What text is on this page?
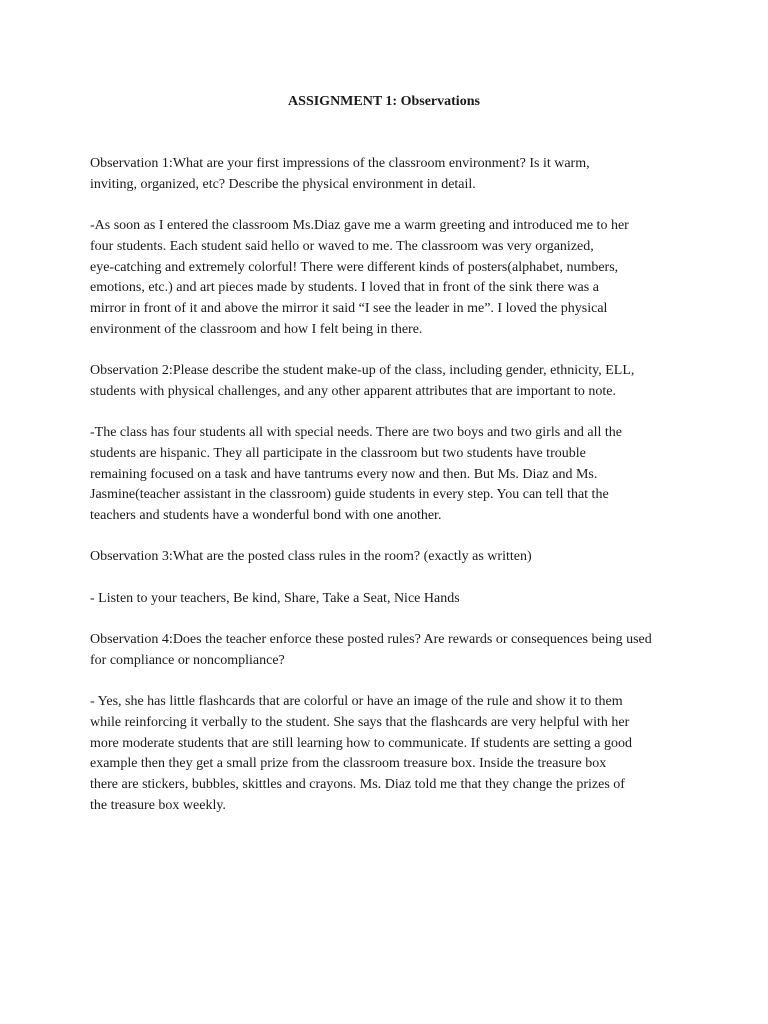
ASSIGNMENT 1: Observations

Observation 1:What are your first impressions of the classroom environment? Is it warm,
inviting, organized, etc? Describe the physical environment in detail.

-As soon as I entered the classroom Ms.Diaz gave me a warm greeting and introduced me to her
four students. Each student said hello or waved to me. The classroom was very organized,
eye-catching and extremely colorful! There were different kinds of posters(alphabet, numbers,
emotions, etc.) and art pieces made by students. I loved that in front of the sink there was a
mirror in front of it and above the mirror it said “I see the leader in me”. I loved the physical
environment of the classroom and how I felt being in there.

Observation 2:Please describe the student make-up of the class, including gender, ethnicity, ELL,
students with physical challenges, and any other apparent attributes that are important to note.

-The class has four students all with special needs. There are two boys and two girls and all the
students are hispanic. They all participate in the classroom but two students have trouble
remaining focused on a task and have tantrums every now and then. But Ms. Diaz and Ms.
Jasmine(teacher assistant in the classroom) guide students in every step. You can tell that the
teachers and students have a wonderful bond with one another.

Observation 3:What are the posted class rules in the room? (exactly as written)

- Listen to your teachers, Be kind, Share, Take a Seat, Nice Hands

Observation 4:Does the teacher enforce these posted rules? Are rewards or consequences being used
for compliance or noncompliance?

- Yes, she has little flashcards that are colorful or have an image of the rule and show it to them
while reinforcing it verbally to the student. She says that the flashcards are very helpful with her
more moderate students that are still learning how to communicate. If students are setting a good
example then they get a small prize from the classroom treasure box. Inside the treasure box
there are stickers, bubbles, skittles and crayons. Ms. Diaz told me that they change the prizes of
the treasure box weekly.
